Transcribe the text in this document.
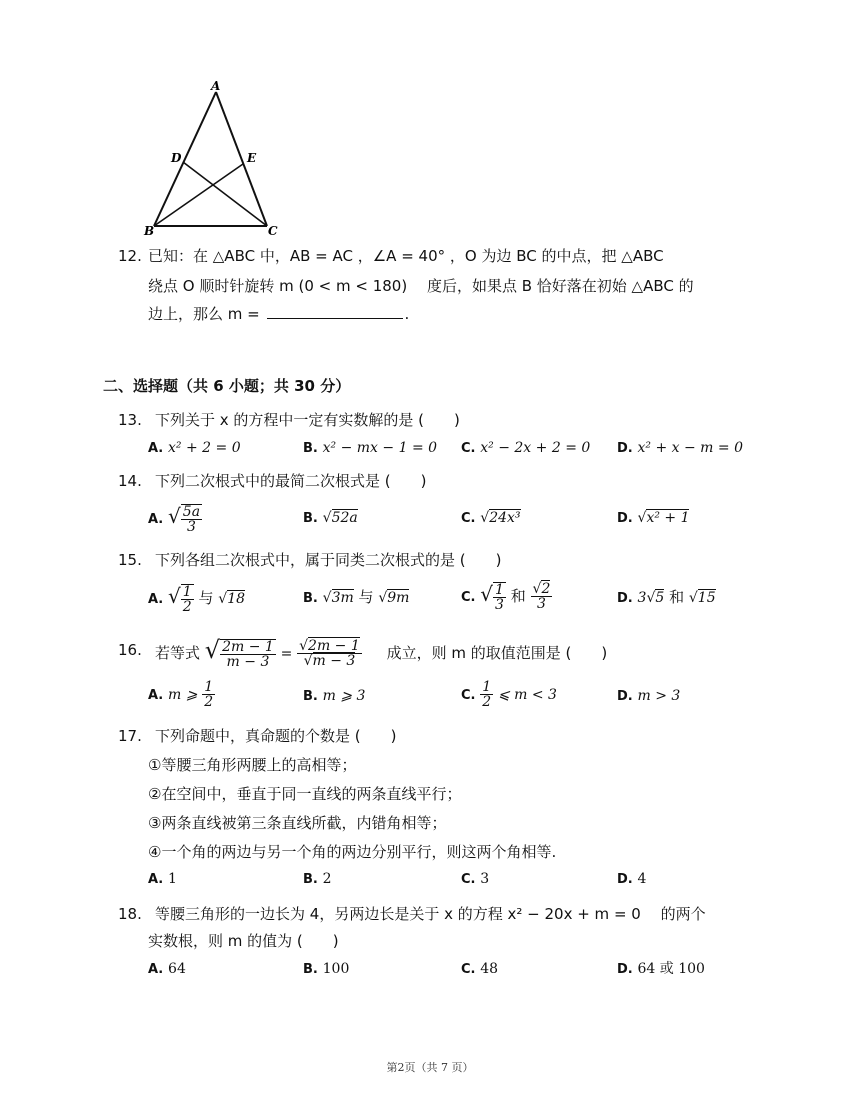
A
D	E
B	C
12. 已知：在 △ABC 中，AB = AC ，∠A = 40° ，O 为边 BC 的中点，把 △ABC
绕点 O 顺时针旋转 m (0 < m < 180)　 度后，如果点 B 恰好落在初始 △ABC 的
边上，那么 m =	.
二、选择题（共 6 小题；共 30 分）
13. 下列关于 x 的方程中一定有实数解的是 (　　)
A. x² + 2 = 0	B. x² − mx − 1 = 0 C. x² − 2x + 2 = 0 D. x² + x − m = 0
14. 下列二次根式中的最简二次根式是 (　　)
A. √ $\frac{5a}{3}$	B. √52a	C. √24x³	D. √x² + 1
15. 下列各组二次根式中，属于同类二次根式的是 (　　)
A. √ $\frac{1}{2}$ 与 √18	B. √3m 与 √9m	C. √ $\frac{1}{3}$ 和 $\frac{√2}{3}$	D. 3√5 和 √15
16. 若等式 √ $\frac{2m - 1}{m - 3} = \frac{√2m - 1}{√m - 3}$ 成立，则 m 的取值范围是 (　　)
A. m ⩾ $\frac{1}{2}$	B. m ⩾ 3	C. $\frac{1}{2}$ ⩽ m < 3	D. m > 3
17. 下列命题中，真命题的个数是 (　　)
①等腰三角形两腰上的高相等；
②在空间中，垂直于同一直线的两条直线平行；
③两条直线被第三条直线所截，内错角相等；
④一个角的两边与另一个角的两边分别平行，则这两个角相等.
A. 1	B. 2	C. 3	D. 4
18. 等腰三角形的一边长为 4，另两边长是关于 x 的方程 x² − 20x + m = 0　 的两个
实数根，则 m 的值为 (　　)
A. 64	B. 100	C. 48	D. 64 或 100
第2页（共 7 页）
